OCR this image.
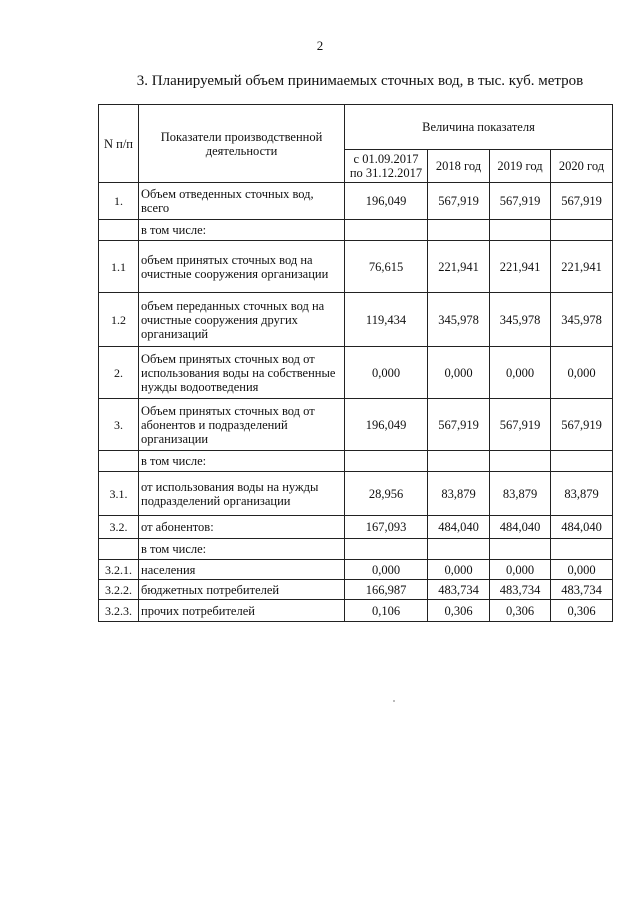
2
3. Планируемый объем принимаемых сточных вод, в тыс. куб. метров
N п/п	Показатели производственной деятельности	Величина показателя			
		с 01.09.2017 по 31.12.2017	2018 год	2019 год	2020 год
1.	Объем отведенных сточных вод, всего	196,049	567,919	567,919	567,919
	в том числе:				
1.1	объем принятых сточных вод на очистные сооружения организации	76,615	221,941	221,941	221,941
1.2	объем переданных сточных вод на очистные сооружения других организаций	119,434	345,978	345,978	345,978
2.	Объем принятых сточных вод от использования воды на собственные нужды водоотведения	0,000	0,000	0,000	0,000
3.	Объем принятых сточных вод от абонентов и подразделений организации	196,049	567,919	567,919	567,919
	в том числе:				
3.1.	от использования воды на нужды подразделений организации	28,956	83,879	83,879	83,879
3.2.	от абонентов:	167,093	484,040	484,040	484,040
	в том числе:				
3.2.1.	населения	0,000	0,000	0,000	0,000
3.2.2.	бюджетных потребителей	166,987	483,734	483,734	483,734
3.2.3.	прочих потребителей	0,106	0,306	0,306	0,306
